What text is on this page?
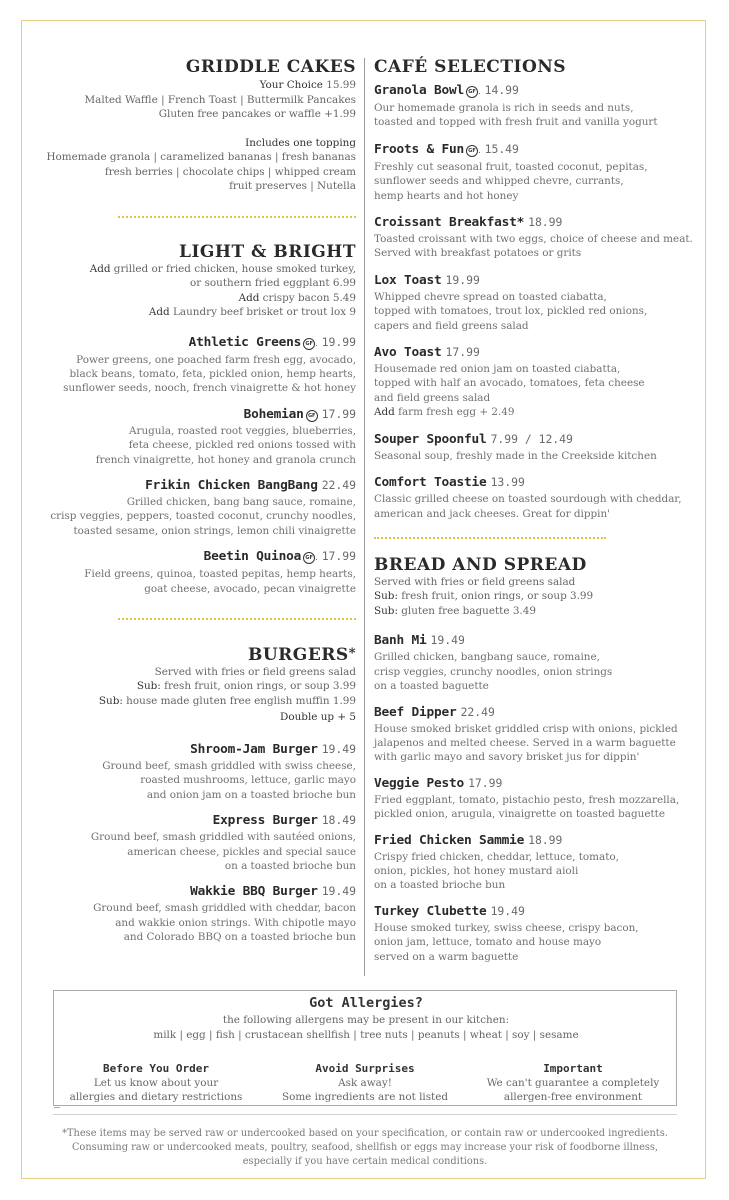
GRIDDLE CAKES
Your Choice 15.99
Malted Waffle | French Toast | Buttermilk Pancakes
Gluten free pancakes or waffle +1.99
Includes one topping
Homemade granola | caramelized bananas | fresh bananas
fresh berries | chocolate chips | whipped cream
fruit preserves | Nutella
LIGHT & BRIGHT
Add grilled or fried chicken, house smoked turkey,
or southern fried eggplant 6.99
Add crispy bacon 5.49
Add Laundry beef brisket or trout lox 9
Athletic Greens GF . 19.99
Power greens, one poached farm fresh egg, avocado,
black beans, tomato, feta, pickled onion, hemp hearts,
sunflower seeds, nooch, french vinaigrette & hot honey
Bohemian GF 17.99
Arugula, roasted root veggies, blueberries,
feta cheese, pickled red onions tossed with
french vinaigrette, hot honey and granola crunch
Frikin Chicken BangBang 22.49
Grilled chicken, bang bang sauce, romaine,
crisp veggies, peppers, toasted coconut, crunchy noodles,
toasted sesame, onion strings, lemon chili vinaigrette
Beetin Quinoa GF . 17.99
Field greens, quinoa, toasted pepitas, hemp hearts,
goat cheese, avocado, pecan vinaigrette
BURGERS*
Served with fries or field greens salad
Sub: fresh fruit, onion rings, or soup 3.99
Sub: house made gluten free english muffin 1.99
Double up + 5
Shroom-Jam Burger 19.49
Ground beef, smash griddled with swiss cheese,
roasted mushrooms, lettuce, garlic mayo
and onion jam on a toasted brioche bun
Express Burger 18.49
Ground beef, smash griddled with sautéed onions,
american cheese, pickles and special sauce
on a toasted brioche bun
Wakkie BBQ Burger 19.49
Ground beef, smash griddled with cheddar, bacon
and wakkie onion strings. With chipotle mayo
and Colorado BBQ on a toasted brioche bun
CAFÉ SELECTIONS
Granola Bowl GF . 14.99
Our homemade granola is rich in seeds and nuts,
toasted and topped with fresh fruit and vanilla yogurt
Froots & Fun GF . 15.49
Freshly cut seasonal fruit, toasted coconut, pepitas,
sunflower seeds and whipped chevre, currants,
hemp hearts and hot honey
Croissant Breakfast* 18.99
Toasted croissant with two eggs, choice of cheese and meat.
Served with breakfast potatoes or grits
Lox Toast 19.99
Whipped chevre spread on toasted ciabatta,
topped with tomatoes, trout lox, pickled red onions,
capers and field greens salad
Avo Toast 17.99
Housemade red onion jam on toasted ciabatta,
topped with half an avocado, tomatoes, feta cheese
and field greens salad
Add farm fresh egg + 2.49
Souper Spoonful 7.99 / 12.49
Seasonal soup, freshly made in the Creekside kitchen
Comfort Toastie 13.99
Classic grilled cheese on toasted sourdough with cheddar,
american and jack cheeses. Great for dippin'
BREAD AND SPREAD
Served with fries or field greens salad
Sub: fresh fruit, onion rings, or soup 3.99
Sub: gluten free baguette 3.49
Banh Mi 19.49
Grilled chicken, bangbang sauce, romaine,
crisp veggies, crunchy noodles, onion strings
on a toasted baguette
Beef Dipper 22.49
House smoked brisket griddled crisp with onions, pickled
jalapenos and melted cheese. Served in a warm baguette
with garlic mayo and savory brisket jus for dippin'
Veggie Pesto 17.99
Fried eggplant, tomato, pistachio pesto, fresh mozzarella,
pickled onion, arugula, vinaigrette on toasted baguette
Fried Chicken Sammie 18.99
Crispy fried chicken, cheddar, lettuce, tomato,
onion, pickles, hot honey mustard aioli
on a toasted brioche bun
Turkey Clubette 19.49
House smoked turkey, swiss cheese, crispy bacon,
onion jam, lettuce, tomato and house mayo
served on a warm baguette
Got Allergies?
the following allergens may be present in our kitchen:
milk | egg | fish | crustacean shellfish | tree nuts | peanuts | wheat | soy | sesame
Before You Order
Let us know about your
allergies and dietary restrictions
Avoid Surprises
Ask away!
Some ingredients are not listed
Important
We can't guarantee a completely
allergen-free environment
*These items may be served raw or undercooked based on your specification, or contain raw or undercooked ingredients.
Consuming raw or undercooked meats, poultry, seafood, shellfish or eggs may increase your risk of foodborne illness,
especially if you have certain medical conditions.
